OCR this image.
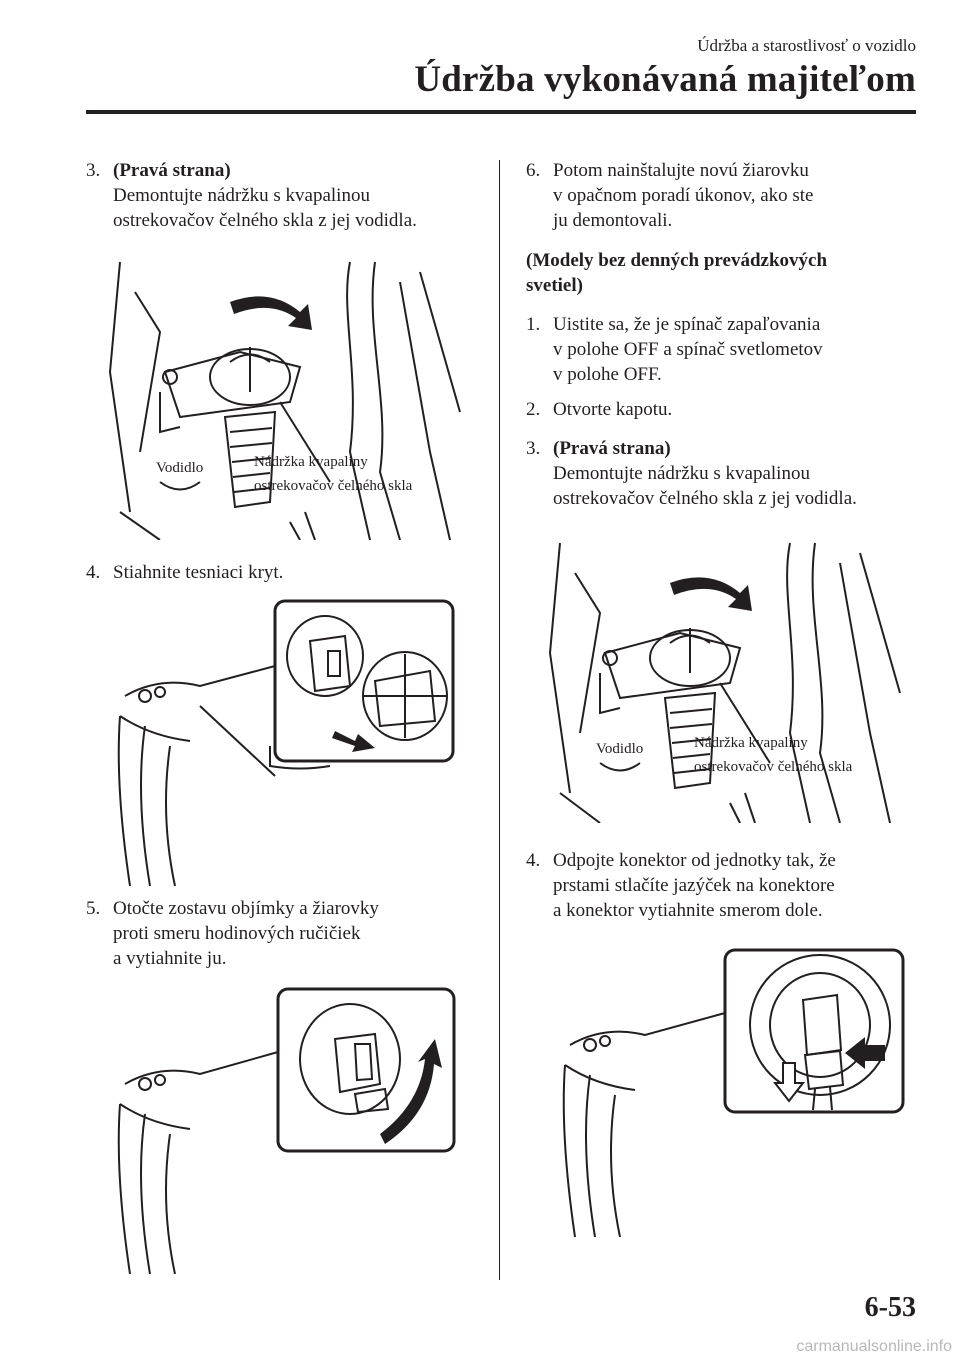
Údržba a starostlivosť o vozidlo
Údržba vykonávaná majiteľom
3. (Pravá strana)
Demontujte nádržku s kvapalinou
ostrekovačov čelného skla z jej vodidla.
Vodidlo	Nádržka kvapaliny
ostrekovačov čelného skla
4. Stiahnite tesniaci kryt.
5. Otočte zostavu objímky a žiarovky
proti smeru hodinových ručičiek
a vytiahnite ju.
6. Potom nainštalujte novú žiarovku
v opačnom poradí úkonov, ako ste
ju demontovali.
(Modely bez denných prevádzkových
svetiel)
1. Uistite sa, že je spínač zapaľovania
v polohe OFF a spínač svetlometov
v polohe OFF.
2. Otvorte kapotu.
3. (Pravá strana)
Demontujte nádržku s kvapalinou
ostrekovačov čelného skla z jej vodidla.
Vodidlo	Nádržka kvapaliny
ostrekovačov čelného skla
4. Odpojte konektor od jednotky tak, že
prstami stlačíte jazýček na konektore
a konektor vytiahnite smerom dole.
6-53
carmanualsonline.info
